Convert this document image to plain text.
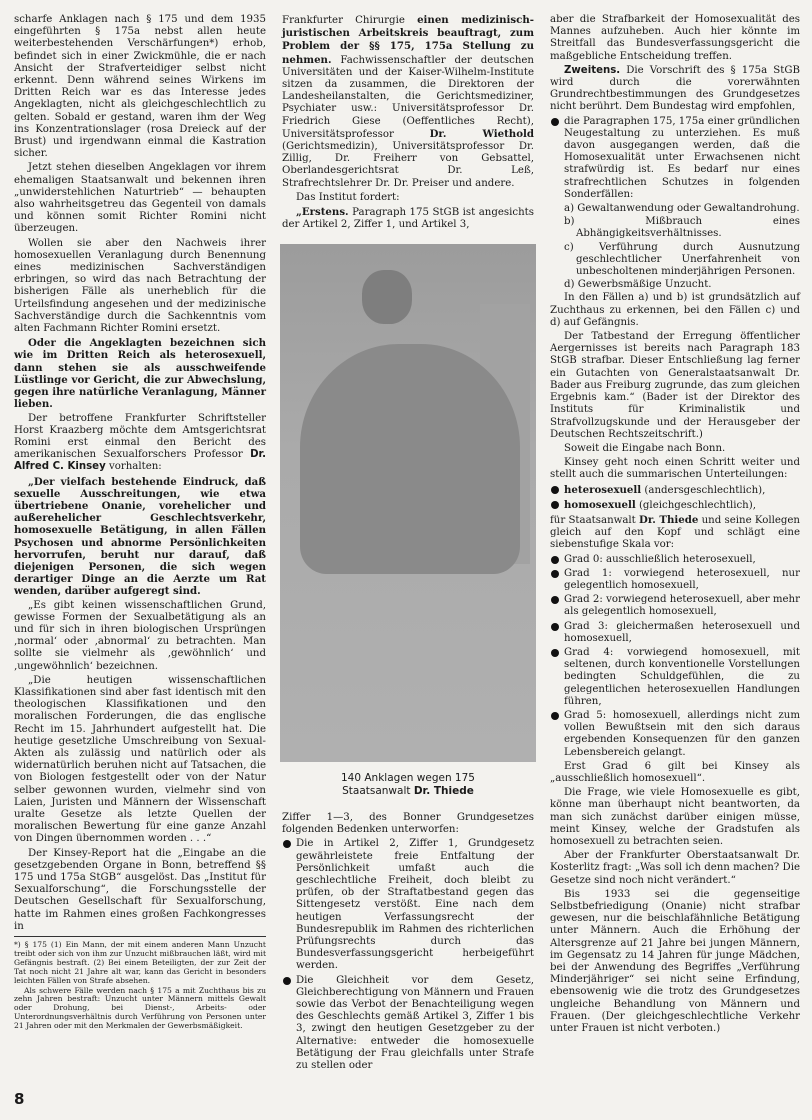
scharfe Anklagen nach § 175 und dem 1935 eingeführten § 175a nebst allen heute weiterbestehenden Verschärfungen*) erhob, befindet sich in einer Zwickmühle, die er nach Ansicht der Strafverteidiger selbst nicht erkennt. Denn während seines Wirkens im Dritten Reich war es das Interesse jedes Angeklagten, nicht als gleichgeschlechtlich zu gelten. Sobald er gestand, waren ihm der Weg ins Konzentrationslager (rosa Dreieck auf der Brust) und irgendwann einmal die Kastration sicher.

Jetzt stehen dieselben Angeklagen vor ihrem ehemaligen Staatsanwalt und bekennen ihren „unwiderstehlichen Naturtrieb“ — behaupten also wahrheitsgetreu das Gegenteil von damals und können somit Richter Romini nicht überzeugen.

Wollen sie aber den Nachweis ihrer homosexuellen Veranlagung durch Benennung eines medizinischen Sachverständigen erbringen, so wird das nach Betrachtung der bisherigen Fälle als unerheblich für die Urteilsfindung angesehen und der medizinische Sachverständige durch die Sachkenntnis vom alten Fachmann Richter Romini ersetzt.

Oder die Angeklagten bezeichnen sich wie im Dritten Reich als heterosexuell, dann stehen sie als ausschweifende Lüstlinge vor Gericht, die zur Abwechslung, gegen ihre natürliche Veranlagung, Männer lieben.

Der betroffene Frankfurter Schriftsteller Horst Kraazberg möchte dem Amtsgerichtsrat Romini erst einmal den Bericht des amerikanischen Sexualforschers Professor Dr. Alfred C. Kinsey vorhalten:

„Der vielfach bestehende Eindruck, daß sexuelle Ausschreitungen, wie etwa übertriebene Onanie, vorehelicher und außerehelicher Geschlechtsverkehr, homosexuelle Betätigung, in allen Fällen Psychosen und abnorme Persönlichkeiten hervorrufen, beruht nur darauf, daß diejenigen Personen, die sich wegen derartiger Dinge an die Aerzte um Rat wenden, darüber aufgeregt sind.

„Es gibt keinen wissenschaftlichen Grund, gewisse Formen der Sexualbetätigung als an und für sich in ihren biologischen Ursprüngen ‚normal‘ oder ‚abnormal‘ zu betrachten. Man sollte sie vielmehr als ‚gewöhnlich‘ und ‚ungewöhnlich‘ bezeichnen.

„Die heutigen wissenschaftlichen Klassifikationen sind aber fast identisch mit den theologischen Klassifikationen und den moralischen Forderungen, die das englische Recht im 15. Jahrhundert aufgestellt hat. Die heutige gesetzliche Umschreibung von Sexual-Akten als zulässig und natürlich oder als widernatürlich beruhen nicht auf Tatsachen, die von Biologen festgestellt oder von der Natur selber gewonnen wurden, vielmehr sind von Laien, Juristen und Männern der Wissenschaft uralte Gesetze als letzte Quellen der moralischen Bewertung für eine ganze Anzahl von Dingen übernommen worden . . .“

Der Kinsey-Report hat die „Eingabe an die gesetzgebenden Organe in Bonn, betreffend §§ 175 und 175a StGB“ ausgelöst. Das „Institut für Sexualforschung“, die Forschungsstelle der Deutschen Gesellschaft für Sexualforschung, hatte im Rahmen eines großen Fachkongresses in

*) § 175 (1) Ein Mann, der mit einem anderen Mann Unzucht treibt oder sich von ihm zur Unzucht mißbrauchen läßt, wird mit Gefängnis bestraft. (2) Bei einem Beteiligten, der zur Zeit der Tat noch nicht 21 Jahre alt war, kann das Gericht in besonders leichten Fällen von Strafe absehen.

Als schwere Fälle werden nach § 175 a mit Zuchthaus bis zu zehn Jahren bestraft: Unzucht unter Männern mittels Gewalt oder Drohung, bei Dienst-, Arbeits- oder Unterordnungsverhältnis durch Verführung von Personen unter 21 Jahren oder mit den Merkmalen der Gewerbsmäßigkeit.

8

Frankfurter Chirurgie einen medizinisch-juristischen Arbeitskreis beauftragt, zum Problem der §§ 175, 175a Stellung zu nehmen. Fachwissenschaftler der deutschen Universitäten und der Kaiser-Wilhelm-Institute sitzen da zusammen, die Direktoren der Landesheilanstalten, die Gerichtsmediziner, Psychiater usw.: Universitätsprofessor Dr. Friedrich Giese (Oeffentliches Recht), Universitätsprofessor Dr. Wiethold (Gerichtsmedizin), Universitätsprofessor Dr. Zillig, Dr. Freiherr von Gebsattel, Oberlandesgerichtsrat Dr. Leß, Strafrechtslehrer Dr. Dr. Preiser und andere.

Das Institut fordert:

„Erstens. Paragraph 175 StGB ist angesichts der Artikel 2, Ziffer 1, und Artikel 3,

140 Anklagen wegen 175
Staatsanwalt Dr. Thiede

Ziffer 1—3, des Bonner Grundgesetzes folgenden Bedenken unterworfen:

Die in Artikel 2, Ziffer 1, Grundgesetz gewährleistete freie Entfaltung der Persönlichkeit umfaßt auch die geschlechtliche Freiheit, doch bleibt zu prüfen, ob der Straftatbestand gegen das Sittengesetz verstößt. Eine nach dem heutigen Verfassungsrecht der Bundesrepublik im Rahmen des richterlichen Prüfungsrechts durch das Bundesverfassungsgericht herbeigeführt werden.
Die Gleichheit vor dem Gesetz, Gleichberechtigung von Männern und Frauen sowie das Verbot der Benachteiligung wegen des Geschlechts gemäß Artikel 3, Ziffer 1 bis 3, zwingt den heutigen Gesetzgeber zu der Alternative: entweder die homosexuelle Betätigung der Frau gleichfalls unter Strafe zu stellen oder

aber die Strafbarkeit der Homosexualität des Mannes aufzuheben. Auch hier könnte im Streitfall das Bundesverfassungsgericht die maßgebliche Entscheidung treffen.

Zweitens. Die Vorschrift des § 175a StGB wird durch die vorerwähnten Grundrechtbestimmungen des Grundgesetzes nicht berührt. Dem Bundestag wird empfohlen,

die Paragraphen 175, 175a einer gründlichen Neugestaltung zu unterziehen. Es muß davon ausgegangen werden, daß die Homosexualität unter Erwachsenen nicht strafwürdig ist. Es bedarf nur eines strafrechtlichen Schutzes in folgenden Sonderfällen:
a) Gewaltanwendung oder Gewaltandrohung.
b) Mißbrauch eines Abhängigkeitsverhältnisses.
c) Verführung durch Ausnutzung geschlechtlicher Unerfahrenheit von unbescholtenen minderjährigen Personen.
d) Gewerbsmäßige Unzucht.

In den Fällen a) und b) ist grundsätzlich auf Zuchthaus zu erkennen, bei den Fällen c) und d) auf Gefängnis.

Der Tatbestand der Erregung öffentlicher Aergernisses ist bereits nach Paragraph 183 StGB strafbar. Dieser Entschließung lag ferner ein Gutachten von Generalstaatsanwalt Dr. Bader aus Freiburg zugrunde, das zum gleichen Ergebnis kam.“ (Bader ist der Direktor des Instituts für Kriminalistik und Strafvollzugskunde und der Herausgeber der Deutschen Rechtszeitschrift.)

Soweit die Eingabe nach Bonn.

Kinsey geht noch einen Schritt weiter und stellt auch die summarischen Unterteilungen:

heterosexuell (andersgeschlechtlich),
homosexuell (gleichgeschlechtlich),

für Staatsanwalt Dr. Thiede und seine Kollegen gleich auf den Kopf und schlägt eine siebenstufige Skala vor:

Grad 0: ausschließlich heterosexuell,
Grad 1: vorwiegend heterosexuell, nur gelegentlich homosexuell,
Grad 2: vorwiegend heterosexuell, aber mehr als gelegentlich homosexuell,
Grad 3: gleichermaßen heterosexuell und homosexuell,
Grad 4: vorwiegend homosexuell, mit seltenen, durch konventionelle Vorstellungen bedingten Schuldgefühlen, die zu gelegentlichen heterosexuellen Handlungen führen,
Grad 5: homosexuell, allerdings nicht zum vollen Bewußtsein mit den sich daraus ergebenden Konsequenzen für den ganzen Lebensbereich gelangt.

Erst Grad 6 gilt bei Kinsey als „ausschließlich homosexuell“.

Die Frage, wie viele Homosexuelle es gibt, könne man überhaupt nicht beantworten, da man sich zunächst darüber einigen müsse, meint Kinsey, welche der Gradstufen als homosexuell zu betrachten seien.

Aber der Frankfurter Oberstaatsanwalt Dr. Kosterlitz fragt: „Was soll ich denn machen? Die Gesetze sind noch nicht verändert.“

Bis 1933 sei die gegenseitige Selbstbefriedigung (Onanie) nicht strafbar gewesen, nur die beischlafähnliche Betätigung unter Männern. Auch die Erhöhung der Altersgrenze auf 21 Jahre bei jungen Männern, im Gegensatz zu 14 Jahren für junge Mädchen, bei der Anwendung des Begriffes „Verführung Minderjähriger“ sei nicht seine Erfindung, ebensowenig wie die trotz des Grundgesetzes ungleiche Behandlung von Männern und Frauen. (Der gleichgeschlechtliche Verkehr unter Frauen ist nicht verboten.)
